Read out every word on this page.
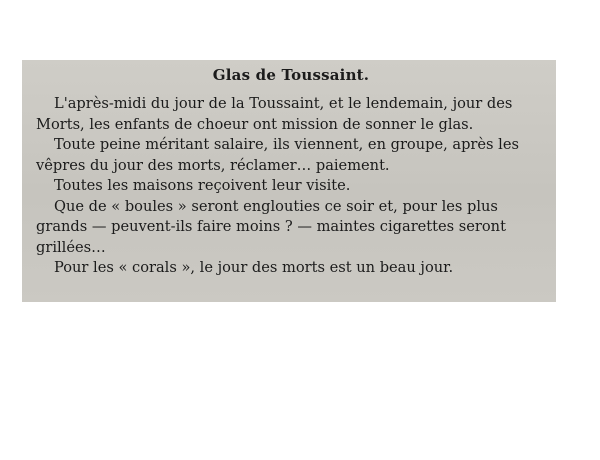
Glas de Toussaint.

L'après-midi du jour de la Toussaint, et le lendemain, jour des
Morts, les enfants de choeur ont mission de sonner le glas.

Toute peine méritant salaire, ils viennent, en groupe, après les
vêpres du jour des morts, réclamer… paiement.

Toutes les maisons reçoivent leur visite.

Que de « boules » seront englouties ce soir et, pour les plus
grands — peuvent-ils faire moins ? — maintes cigarettes seront
grillées…

Pour les « corals », le jour des morts est un beau jour.
